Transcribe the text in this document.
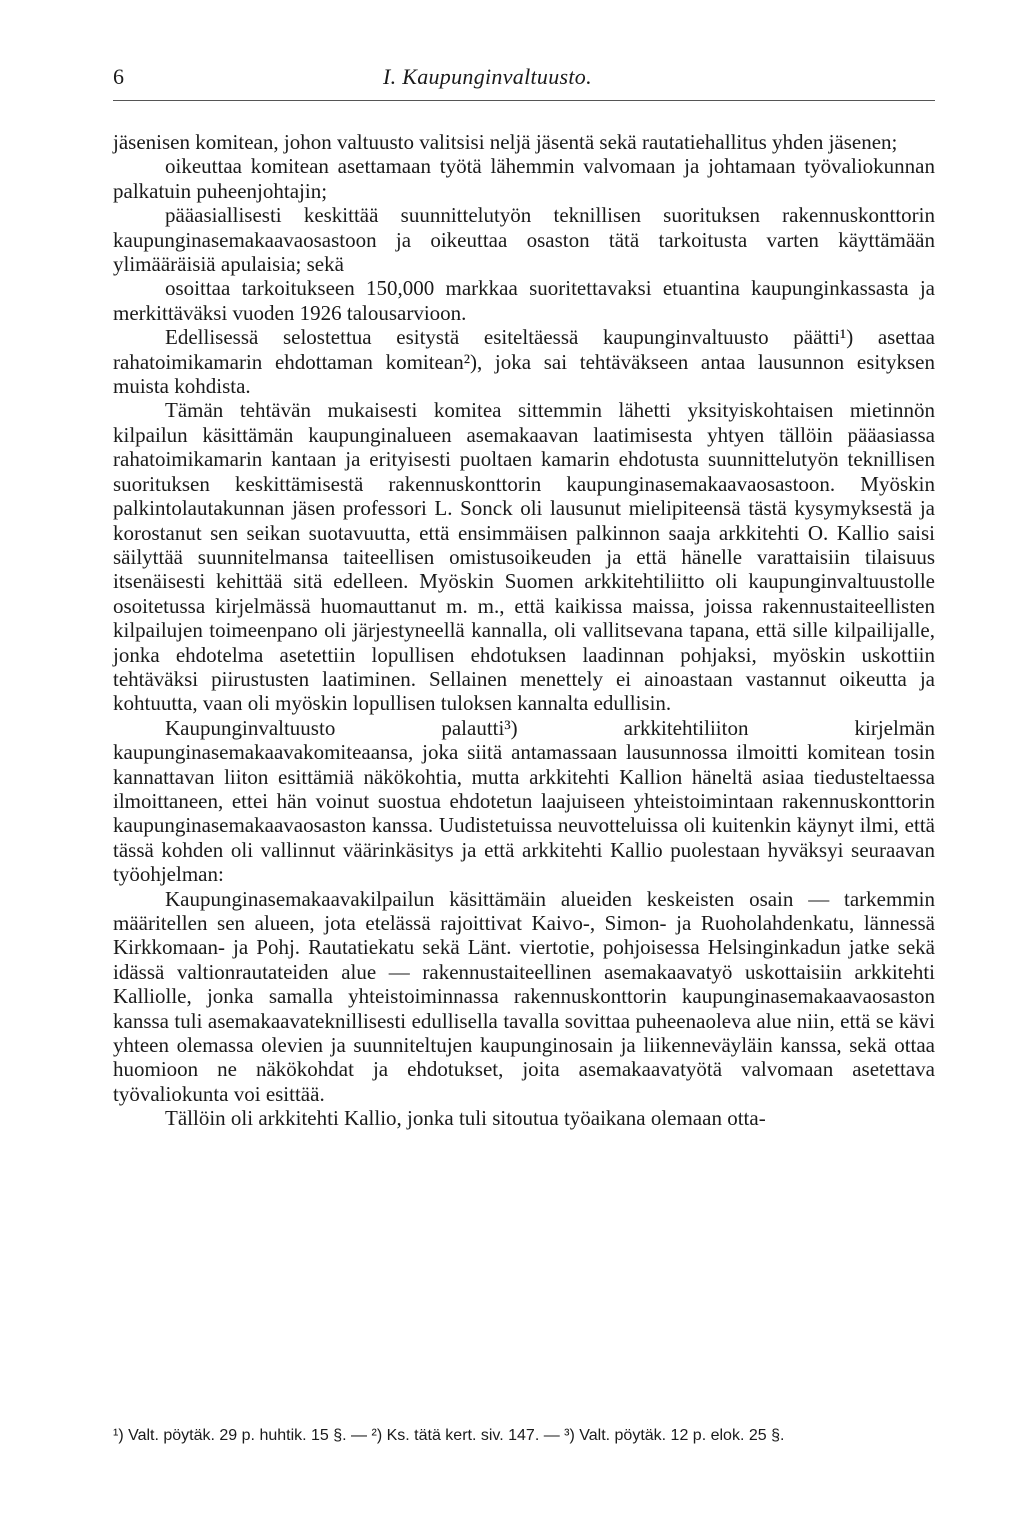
6	I. Kaupunginvaltuusto.

jäsenisen komitean, johon valtuusto valitsisi neljä jäsentä sekä rautatiehallitus yhden jäsenen;

oikeuttaa komitean asettamaan työtä lähemmin valvomaan ja johtamaan työvaliokunnan palkatuin puheenjohtajin;

pääasiallisesti keskittää suunnittelutyön teknillisen suorituksen rakennuskonttorin kaupunginasemakaavaosastoon ja oikeuttaa osaston tätä tarkoitusta varten käyttämään ylimääräisiä apulaisia; sekä

osoittaa tarkoitukseen 150,000 markkaa suoritettavaksi etuantina kaupunginkassasta ja merkittäväksi vuoden 1926 talousarvioon.

Edellisessä selostettua esitystä esiteltäessä kaupunginvaltuusto päätti¹) asettaa rahatoimikamarin ehdottaman komitean²), joka sai tehtäväkseen antaa lausunnon esityksen muista kohdista.

Tämän tehtävän mukaisesti komitea sittemmin lähetti yksityiskohtaisen mietinnön kilpailun käsittämän kaupunginalueen asemakaavan laatimisesta yhtyen tällöin pääasiassa rahatoimikamarin kantaan ja erityisesti puoltaen kamarin ehdotusta suunnittelutyön teknillisen suorituksen keskittämisestä rakennuskonttorin kaupunginasemakaavaosastoon. Myöskin palkintolautakunnan jäsen professori L. Sonck oli lausunut mielipiteensä tästä kysymyksestä ja korostanut sen seikan suotavuutta, että ensimmäisen palkinnon saaja arkkitehti O. Kallio saisi säilyttää suunnitelmansa taiteellisen omistusoikeuden ja että hänelle varattaisiin tilaisuus itsenäisesti kehittää sitä edelleen. Myöskin Suomen arkkitehtiliitto oli kaupunginvaltuustolle osoitetussa kirjelmässä huomauttanut m. m., että kaikissa maissa, joissa rakennustaiteellisten kilpailujen toimeenpano oli järjestyneellä kannalla, oli vallitsevana tapana, että sille kilpailijalle, jonka ehdotelma asetettiin lopullisen ehdotuksen laadinnan pohjaksi, myöskin uskottiin tehtäväksi piirustusten laatiminen. Sellainen menettely ei ainoastaan vastannut oikeutta ja kohtuutta, vaan oli myöskin lopullisen tuloksen kannalta edullisin.

Kaupunginvaltuusto palautti³) arkkitehtiliiton kirjelmän kaupunginasemakaavakomiteaansa, joka siitä antamassaan lausunnossa ilmoitti komitean tosin kannattavan liiton esittämiä näkökohtia, mutta arkkitehti Kallion häneltä asiaa tiedusteltaessa ilmoittaneen, ettei hän voinut suostua ehdotetun laajuiseen yhteistoimintaan rakennuskonttorin kaupunginasemakaavaosaston kanssa. Uudistetuissa neuvotteluissa oli kuitenkin käynyt ilmi, että tässä kohden oli vallinnut väärinkäsitys ja että arkkitehti Kallio puolestaan hyväksyi seuraavan työohjelman:

Kaupunginasemakaavakilpailun käsittämäin alueiden keskeisten osain — tarkemmin määritellen sen alueen, jota etelässä rajoittivat Kaivo-, Simon- ja Ruoholahdenkatu, lännessä Kirkkomaan- ja Pohj. Rautatiekatu sekä Länt. viertotie, pohjoisessa Helsinginkadun jatke sekä idässä valtionrautateiden alue — rakennustaiteellinen asemakaavatyö uskottaisiin arkkitehti Kalliolle, jonka samalla yhteistoiminnassa rakennuskonttorin kaupunginasemakaavaosaston kanssa tuli asemakaavateknillisesti edullisella tavalla sovittaa puheenaoleva alue niin, että se kävi yhteen olemassa olevien ja suunniteltujen kaupunginosain ja liikenneväyläin kanssa, sekä ottaa huomioon ne näkökohdat ja ehdotukset, joita asemakaavatyötä valvomaan asetettava työvaliokunta voi esittää.

Tällöin oli arkkitehti Kallio, jonka tuli sitoutua työaikana olemaan otta-

¹) Valt. pöytäk. 29 p. huhtik. 15 §. — ²) Ks. tätä kert. siv. 147. — ³) Valt. pöytäk. 12 p. elok. 25 §.
